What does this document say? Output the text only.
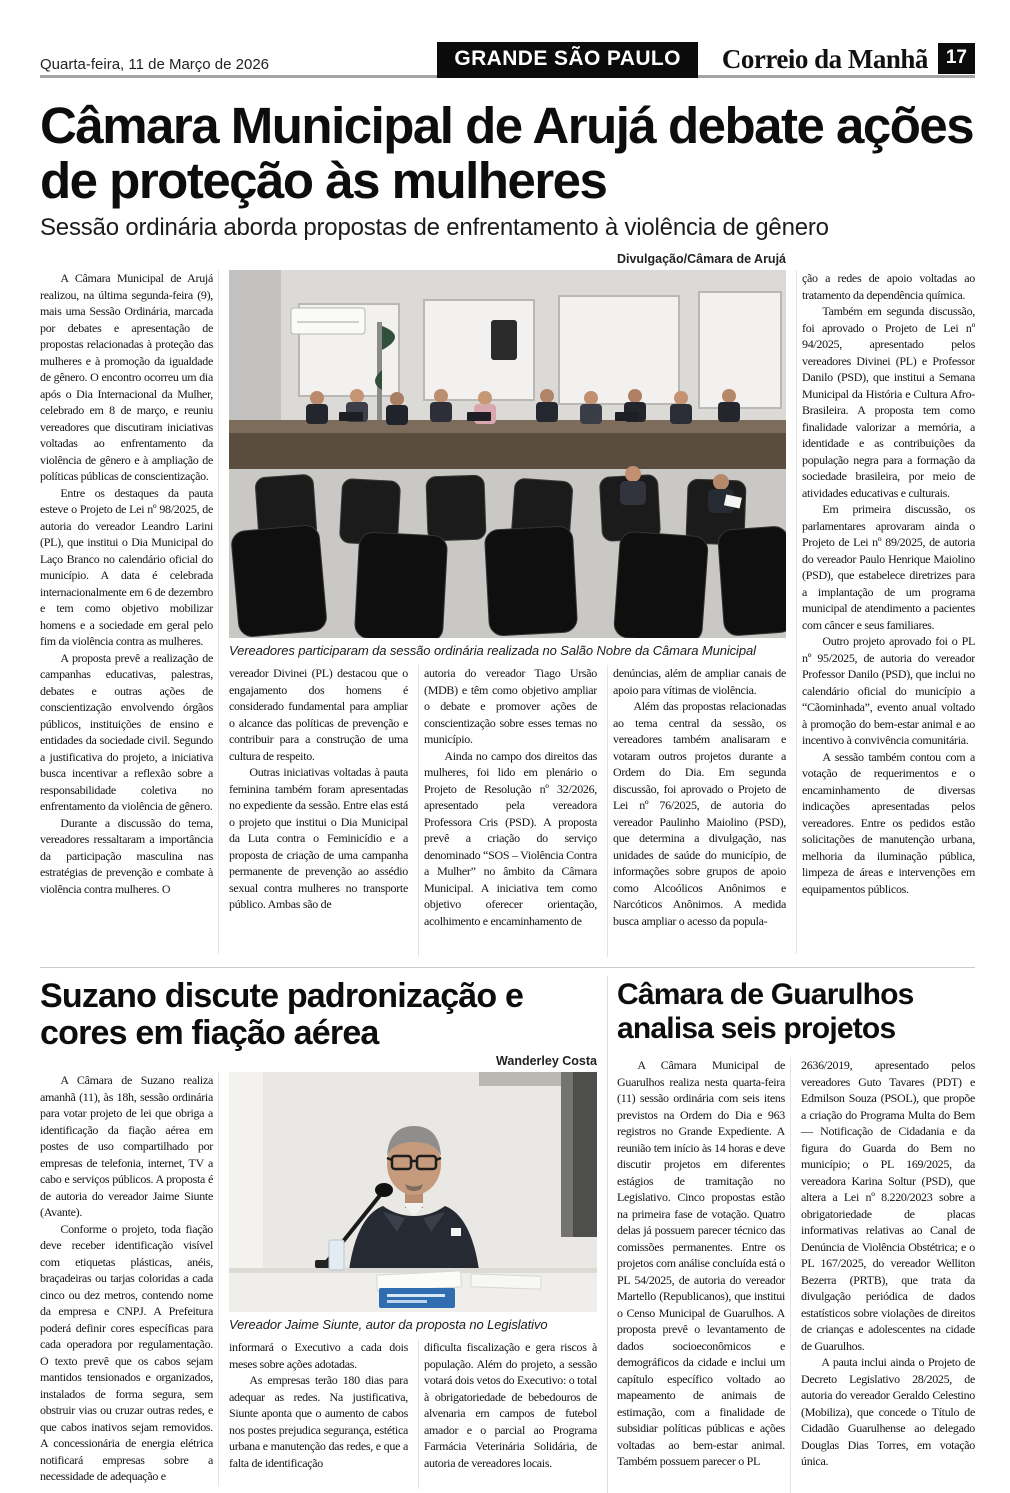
Quarta-feira, 11 de Março de 2026	GRANDE SÃO PAULO	Correio da Manhã 17
Câmara Municipal de Arujá debate ações de proteção às mulheres
Sessão ordinária aborda propostas de enfrentamento à violência de gênero
Divulgação/Câmara de Arujá

A Câmara Municipal de Arujá realizou, na última segunda-feira (9), mais uma Sessão Ordinária, marcada por debates e apresentação de propostas relacionadas à proteção das mulheres e à promoção da igualdade de gênero. O encontro ocorreu um dia após o Dia Internacional da Mulher, celebrado em 8 de março, e reuniu vereadores que discutiram iniciativas voltadas ao enfrentamento da violência de gênero e à ampliação de políticas públicas de conscientização.

Entre os destaques da pauta esteve o Projeto de Lei nº 98/2025, de autoria do vereador Leandro Larini (PL), que institui o Dia Municipal do Laço Branco no calendário oficial do município. A data é celebrada internacionalmente em 6 de dezembro e tem como objetivo mobilizar homens e a sociedade em geral pelo fim da violência contra as mulheres.

A proposta prevê a realização de campanhas educativas, palestras, debates e outras ações de conscientização envolvendo órgãos públicos, instituições de ensino e entidades da sociedade civil. Segundo a justificativa do projeto, a iniciativa busca incentivar a reflexão sobre a responsabilidade coletiva no enfrentamento da violência de gênero.

Durante a discussão do tema, vereadores ressaltaram a importância da participação masculina nas estratégias de prevenção e combate à violência contra mulheres. O

Vereadores participaram da sessão ordinária realizada no Salão Nobre da Câmara Municipal

vereador Divinei (PL) destacou que o engajamento dos homens é considerado fundamental para ampliar o alcance das políticas de prevenção e contribuir para a construção de uma cultura de respeito.

Outras iniciativas voltadas à pauta feminina também foram apresentadas no expediente da sessão. Entre elas está o projeto que institui o Dia Municipal da Luta contra o Feminicídio e a proposta de criação de uma campanha permanente de prevenção ao assédio sexual contra mulheres no transporte público. Ambas são de

autoria do vereador Tiago Ursão (MDB) e têm como objetivo ampliar o debate e promover ações de conscientização sobre esses temas no município.

Ainda no campo dos direitos das mulheres, foi lido em plenário o Projeto de Resolução nº 32/2026, apresentado pela vereadora Professora Cris (PSD). A proposta prevê a criação do serviço denominado “SOS – Violência Contra a Mulher” no âmbito da Câmara Municipal. A iniciativa tem como objetivo oferecer orientação, acolhimento e encaminhamento de

denúncias, além de ampliar canais de apoio para vítimas de violência.

Além das propostas relacionadas ao tema central da sessão, os vereadores também analisaram e votaram outros projetos durante a Ordem do Dia. Em segunda discussão, foi aprovado o Projeto de Lei nº 76/2025, de autoria do vereador Paulinho Maiolino (PSD), que determina a divulgação, nas unidades de saúde do município, de informações sobre grupos de apoio como Alcoólicos Anônimos e Narcóticos Anônimos. A medida busca ampliar o acesso da popula-

ção a redes de apoio voltadas ao tratamento da dependência química.

Também em segunda discussão, foi aprovado o Projeto de Lei nº 94/2025, apresentado pelos vereadores Divinei (PL) e Professor Danilo (PSD), que institui a Semana Municipal da História e Cultura Afro-Brasileira. A proposta tem como finalidade valorizar a memória, a identidade e as contribuições da população negra para a formação da sociedade brasileira, por meio de atividades educativas e culturais.

Em primeira discussão, os parlamentares aprovaram ainda o Projeto de Lei nº 89/2025, de autoria do vereador Paulo Henrique Maiolino (PSD), que estabelece diretrizes para a implantação de um programa municipal de atendimento a pacientes com câncer e seus familiares.

Outro projeto aprovado foi o PL nº 95/2025, de autoria do vereador Professor Danilo (PSD), que inclui no calendário oficial do município a “Cãominhada”, evento anual voltado à promoção do bem-estar animal e ao incentivo à convivência comunitária.

A sessão também contou com a votação de requerimentos e o encaminhamento de diversas indicações apresentadas pelos vereadores. Entre os pedidos estão solicitações de manutenção urbana, melhoria da iluminação pública, limpeza de áreas e intervenções em equipamentos públicos.

Suzano discute padronização e cores em fiação aérea
Wanderley Costa

A Câmara de Suzano realiza amanhã (11), às 18h, sessão ordinária para votar projeto de lei que obriga a identificação da fiação aérea em postes de uso compartilhado por empresas de telefonia, internet, TV a cabo e serviços públicos. A proposta é de autoria do vereador Jaime Siunte (Avante).

Conforme o projeto, toda fiação deve receber identificação visível com etiquetas plásticas, anéis, braçadeiras ou tarjas coloridas a cada cinco ou dez metros, contendo nome da empresa e CNPJ. A Prefeitura poderá definir cores específicas para cada operadora por regulamentação. O texto prevê que os cabos sejam mantidos tensionados e organizados, instalados de forma segura, sem obstruir vias ou cruzar outras redes, e que cabos inativos sejam removidos. A concessionária de energia elétrica notificará empresas sobre a necessidade de adequação e

Vereador Jaime Siunte, autor da proposta no Legislativo

informará o Executivo a cada dois meses sobre ações adotadas.

As empresas terão 180 dias para adequar as redes. Na justificativa, Siunte aponta que o aumento de cabos nos postes prejudica segurança, estética urbana e manutenção das redes, e que a falta de identificação

dificulta fiscalização e gera riscos à população. Além do projeto, a sessão votará dois vetos do Executivo: o total à obrigatoriedade de bebedouros de alvenaria em campos de futebol amador e o parcial ao Programa Farmácia Veterinária Solidária, de autoria de vereadores locais.

Câmara de Guarulhos analisa seis projetos

A Câmara Municipal de Guarulhos realiza nesta quarta-feira (11) sessão ordinária com seis itens previstos na Ordem do Dia e 963 registros no Grande Expediente. A reunião tem início às 14 horas e deve discutir projetos em diferentes estágios de tramitação no Legislativo. Cinco propostas estão na primeira fase de votação. Quatro delas já possuem parecer técnico das comissões permanentes. Entre os projetos com análise concluída está o PL 54/2025, de autoria do vereador Martello (Republicanos), que institui o Censo Municipal de Guarulhos. A proposta prevê o levantamento de dados socioeconômicos e demográficos da cidade e inclui um capítulo específico voltado ao mapeamento de animais de estimação, com a finalidade de subsidiar políticas públicas e ações voltadas ao bem-estar animal. Também possuem parecer o PL

2636/2019, apresentado pelos vereadores Guto Tavares (PDT) e Edmilson Souza (PSOL), que propõe a criação do Programa Multa do Bem — Notificação de Cidadania e da figura do Guarda do Bem no município; o PL 169/2025, da vereadora Karina Soltur (PSD), que altera a Lei nº 8.220/2023 sobre a obrigatoriedade de placas informativas relativas ao Canal de Denúncia de Violência Obstétrica; e o PL 167/2025, do vereador Welliton Bezerra (PRTB), que trata da divulgação periódica de dados estatísticos sobre violações de direitos de crianças e adolescentes na cidade de Guarulhos.

A pauta inclui ainda o Projeto de Decreto Legislativo 28/2025, de autoria do vereador Geraldo Celestino (Mobiliza), que concede o Título de Cidadão Guarulhense ao delegado Douglas Dias Torres, em votação única.
